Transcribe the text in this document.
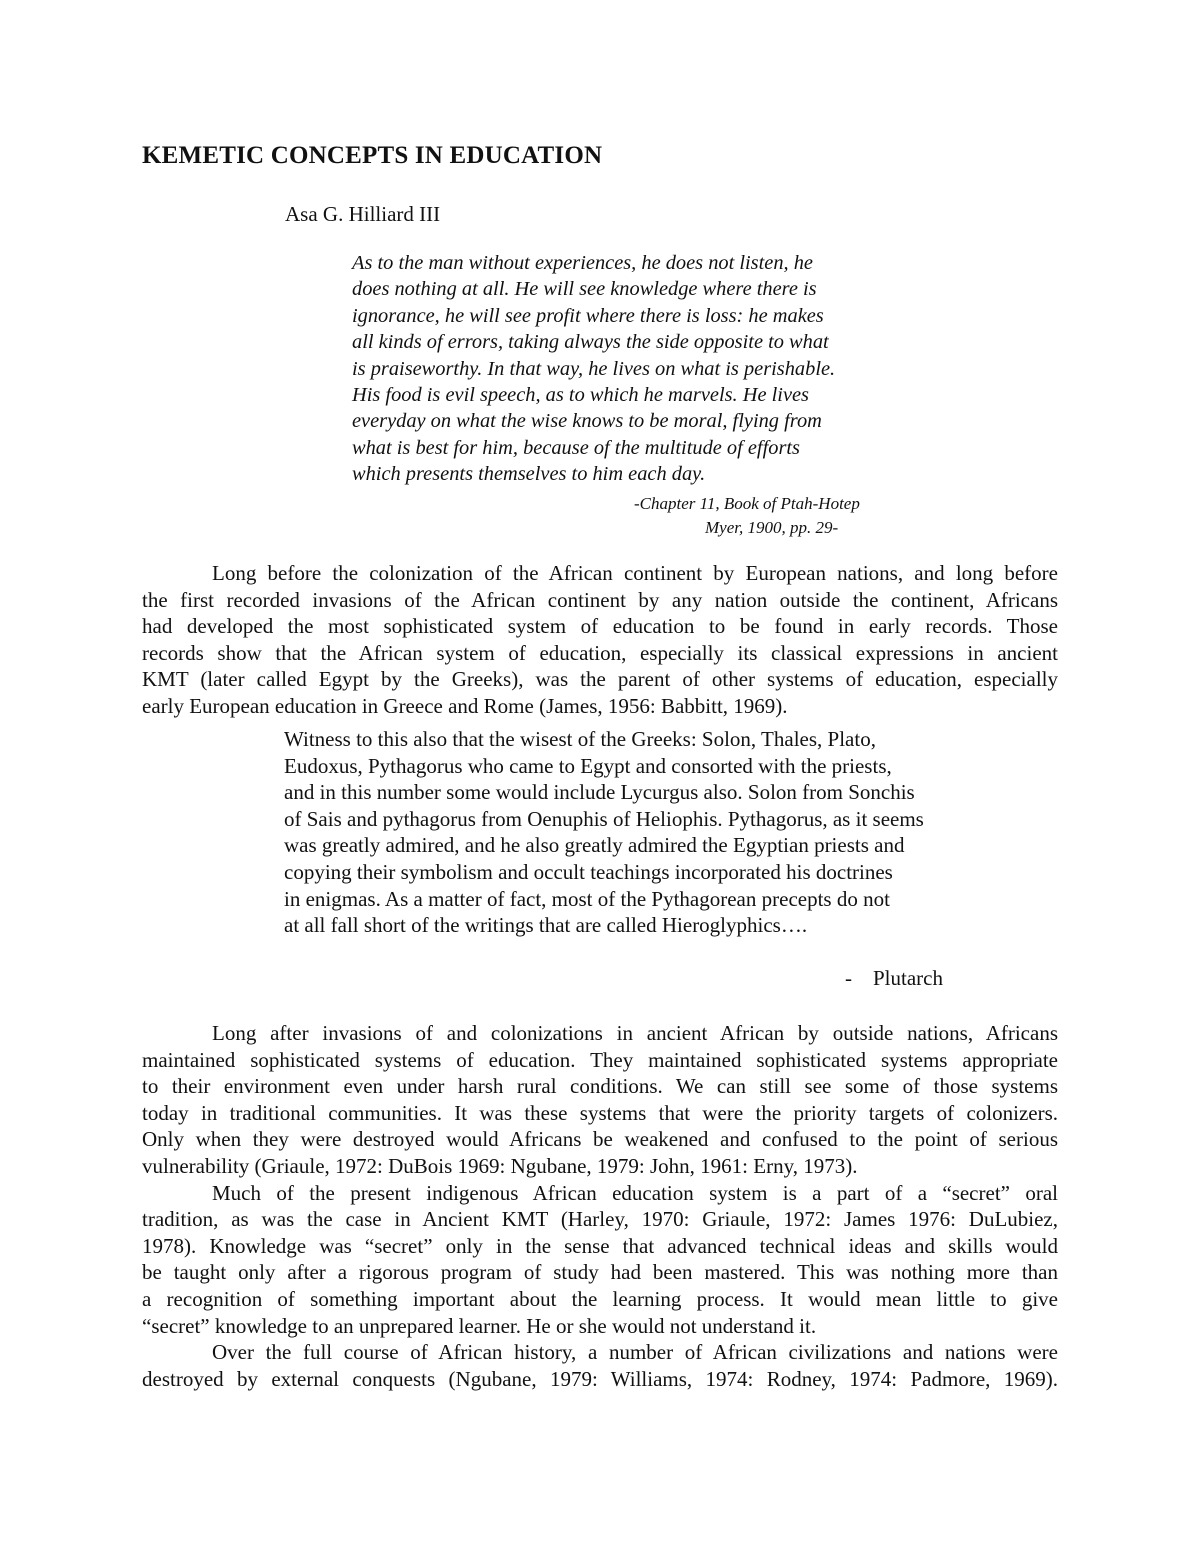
KEMETIC CONCEPTS IN EDUCATION
Asa G. Hilliard III
As to the man without experiences, he does not listen, he
does nothing at all. He will see knowledge where there is
ignorance, he will see profit where there is loss: he makes
all kinds of errors, taking always the side opposite to what
is praiseworthy. In that way, he lives on what is perishable.
His food is evil speech, as to which he marvels. He lives
everyday on what the wise knows to be moral, flying from
what is best for him, because of the multitude of efforts
which presents themselves to him each day.
-Chapter 11, Book of Ptah-Hotep
Myer, 1900, pp. 29-
Long before the colonization of the African continent by European nations, and long before
the first recorded invasions of the African continent by any nation outside the continent, Africans
had developed the most sophisticated system of education to be found in early records. Those
records show that the African system of education, especially its classical expressions in ancient
KMT (later called Egypt by the Greeks), was the parent of other systems of education, especially
early European education in Greece and Rome (James, 1956: Babbitt, 1969).
Witness to this also that the wisest of the Greeks: Solon, Thales, Plato,
Eudoxus, Pythagorus who came to Egypt and consorted with the priests,
and in this number some would include Lycurgus also. Solon from Sonchis
of Sais and pythagorus from Oenuphis of Heliophis. Pythagorus, as it seems
was greatly admired, and he also greatly admired the Egyptian priests and
copying their symbolism and occult teachings incorporated his doctrines
in enigmas. As a matter of fact, most of the Pythagorean precepts do not
at all fall short of the writings that are called Hieroglyphics….
-    Plutarch
Long after invasions of and colonizations in ancient African by outside nations, Africans
maintained sophisticated systems of education. They maintained sophisticated systems appropriate
to their environment even under harsh rural conditions. We can still see some of those systems
today in traditional communities. It was these systems that were the priority targets of colonizers.
Only when they were destroyed would Africans be weakened and confused to the point of serious
vulnerability (Griaule, 1972: DuBois 1969: Ngubane, 1979: John, 1961: Erny, 1973).
Much of the present indigenous African education system is a part of a “secret” oral
tradition, as was the case in Ancient KMT (Harley, 1970: Griaule, 1972: James 1976: DuLubiez,
1978). Knowledge was “secret” only in the sense that advanced technical ideas and skills would
be taught only after a rigorous program of study had been mastered. This was nothing more than
a recognition of something important about the learning process. It would mean little to give
“secret” knowledge to an unprepared learner. He or she would not understand it.
Over the full course of African history, a number of African civilizations and nations were
destroyed by external conquests (Ngubane, 1979: Williams, 1974: Rodney, 1974: Padmore, 1969).
